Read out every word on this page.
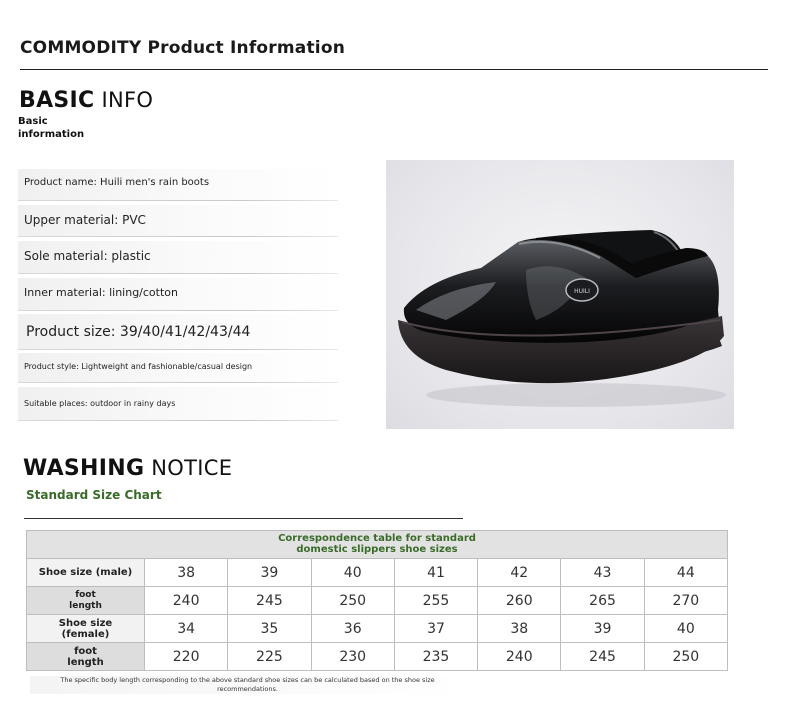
COMMODITY Product Information
BASIC INFO
Basic information
Product name: Huili men's rain boots
Upper material: PVC
Sole material: plastic
Inner material: lining/cotton
Product size: 39/40/41/42/43/44
Product style: Lightweight and fashionable/casual design
Suitable places: outdoor in rainy days
HUILI
WASHING NOTICE
Standard Size Chart
Correspondence table for standard domestic slippers shoe sizes							
Shoe size (male)	38	39	40	41	42	43	44
foot length	240	245	250	255	260	265	270
Shoe size (female)	34	35	36	37	38	39	40
foot length	220	225	230	235	240	245	250
The specific body length corresponding to the above standard shoe sizes can be calculated based on the shoe size recommendations.
